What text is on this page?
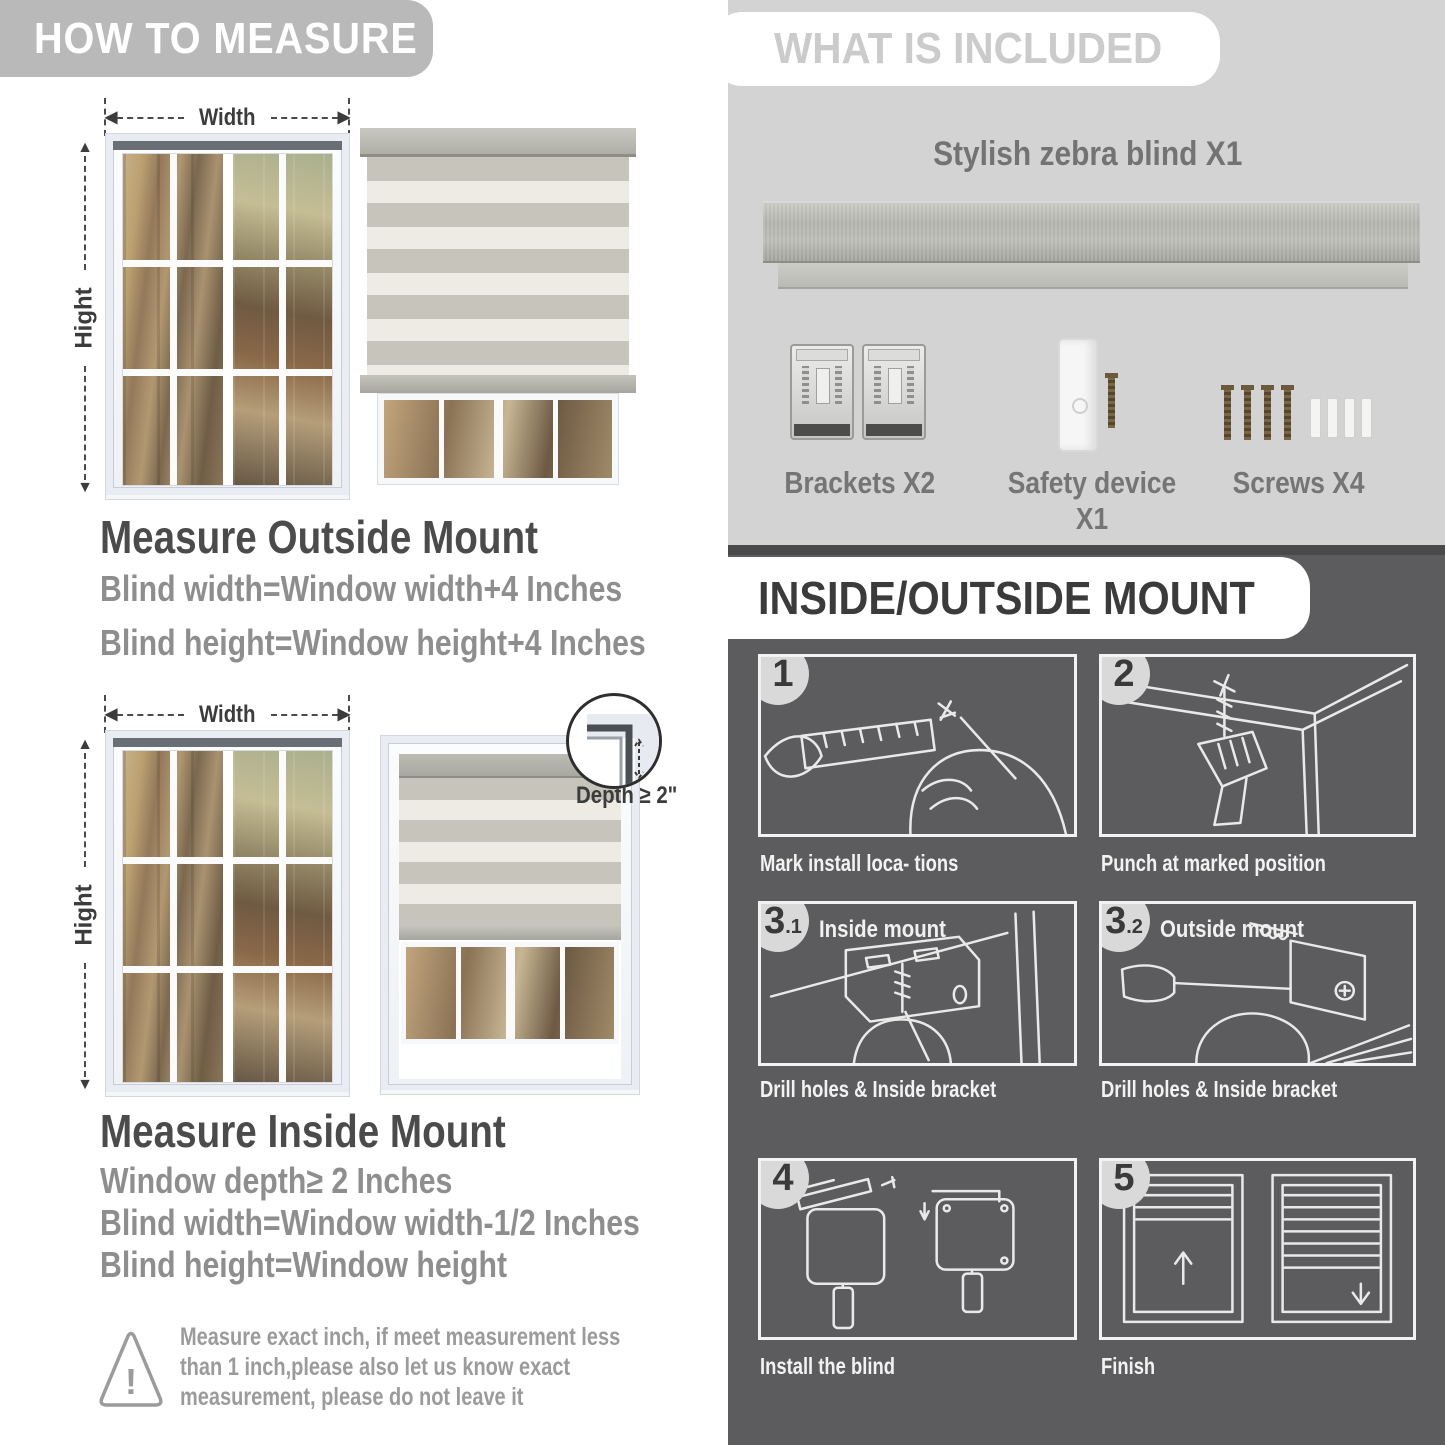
HOW TO MEASURE
◀	Width	▶
▲
Hight
▼
Measure Outside Mount
Blind width=Window width+4 Inches
Blind height=Window height+4 Inches
◀	Width	▶
▲
Hight
▼
Depth ≥ 2"
Measure Inside Mount
Window depth≥ 2 Inches
Blind width=Window width-1/2 Inches
Blind height=Window height
!
Measure exact inch, if meet measurement less than 1 inch,please also let us know exact measurement, please do not leave it
WHAT IS INCLUDED
Stylish zebra blind X1
Brackets X2	Safety device X1
Screws X4
INSIDE/OUTSIDE MOUNT
1
Mark install loca- tions
2
Punch at marked position
3.1 Inside mount
Drill holes & Inside bracket
3.2 Outside mount
Drill holes & Inside bracket
4
Install the blind
5
Finish
